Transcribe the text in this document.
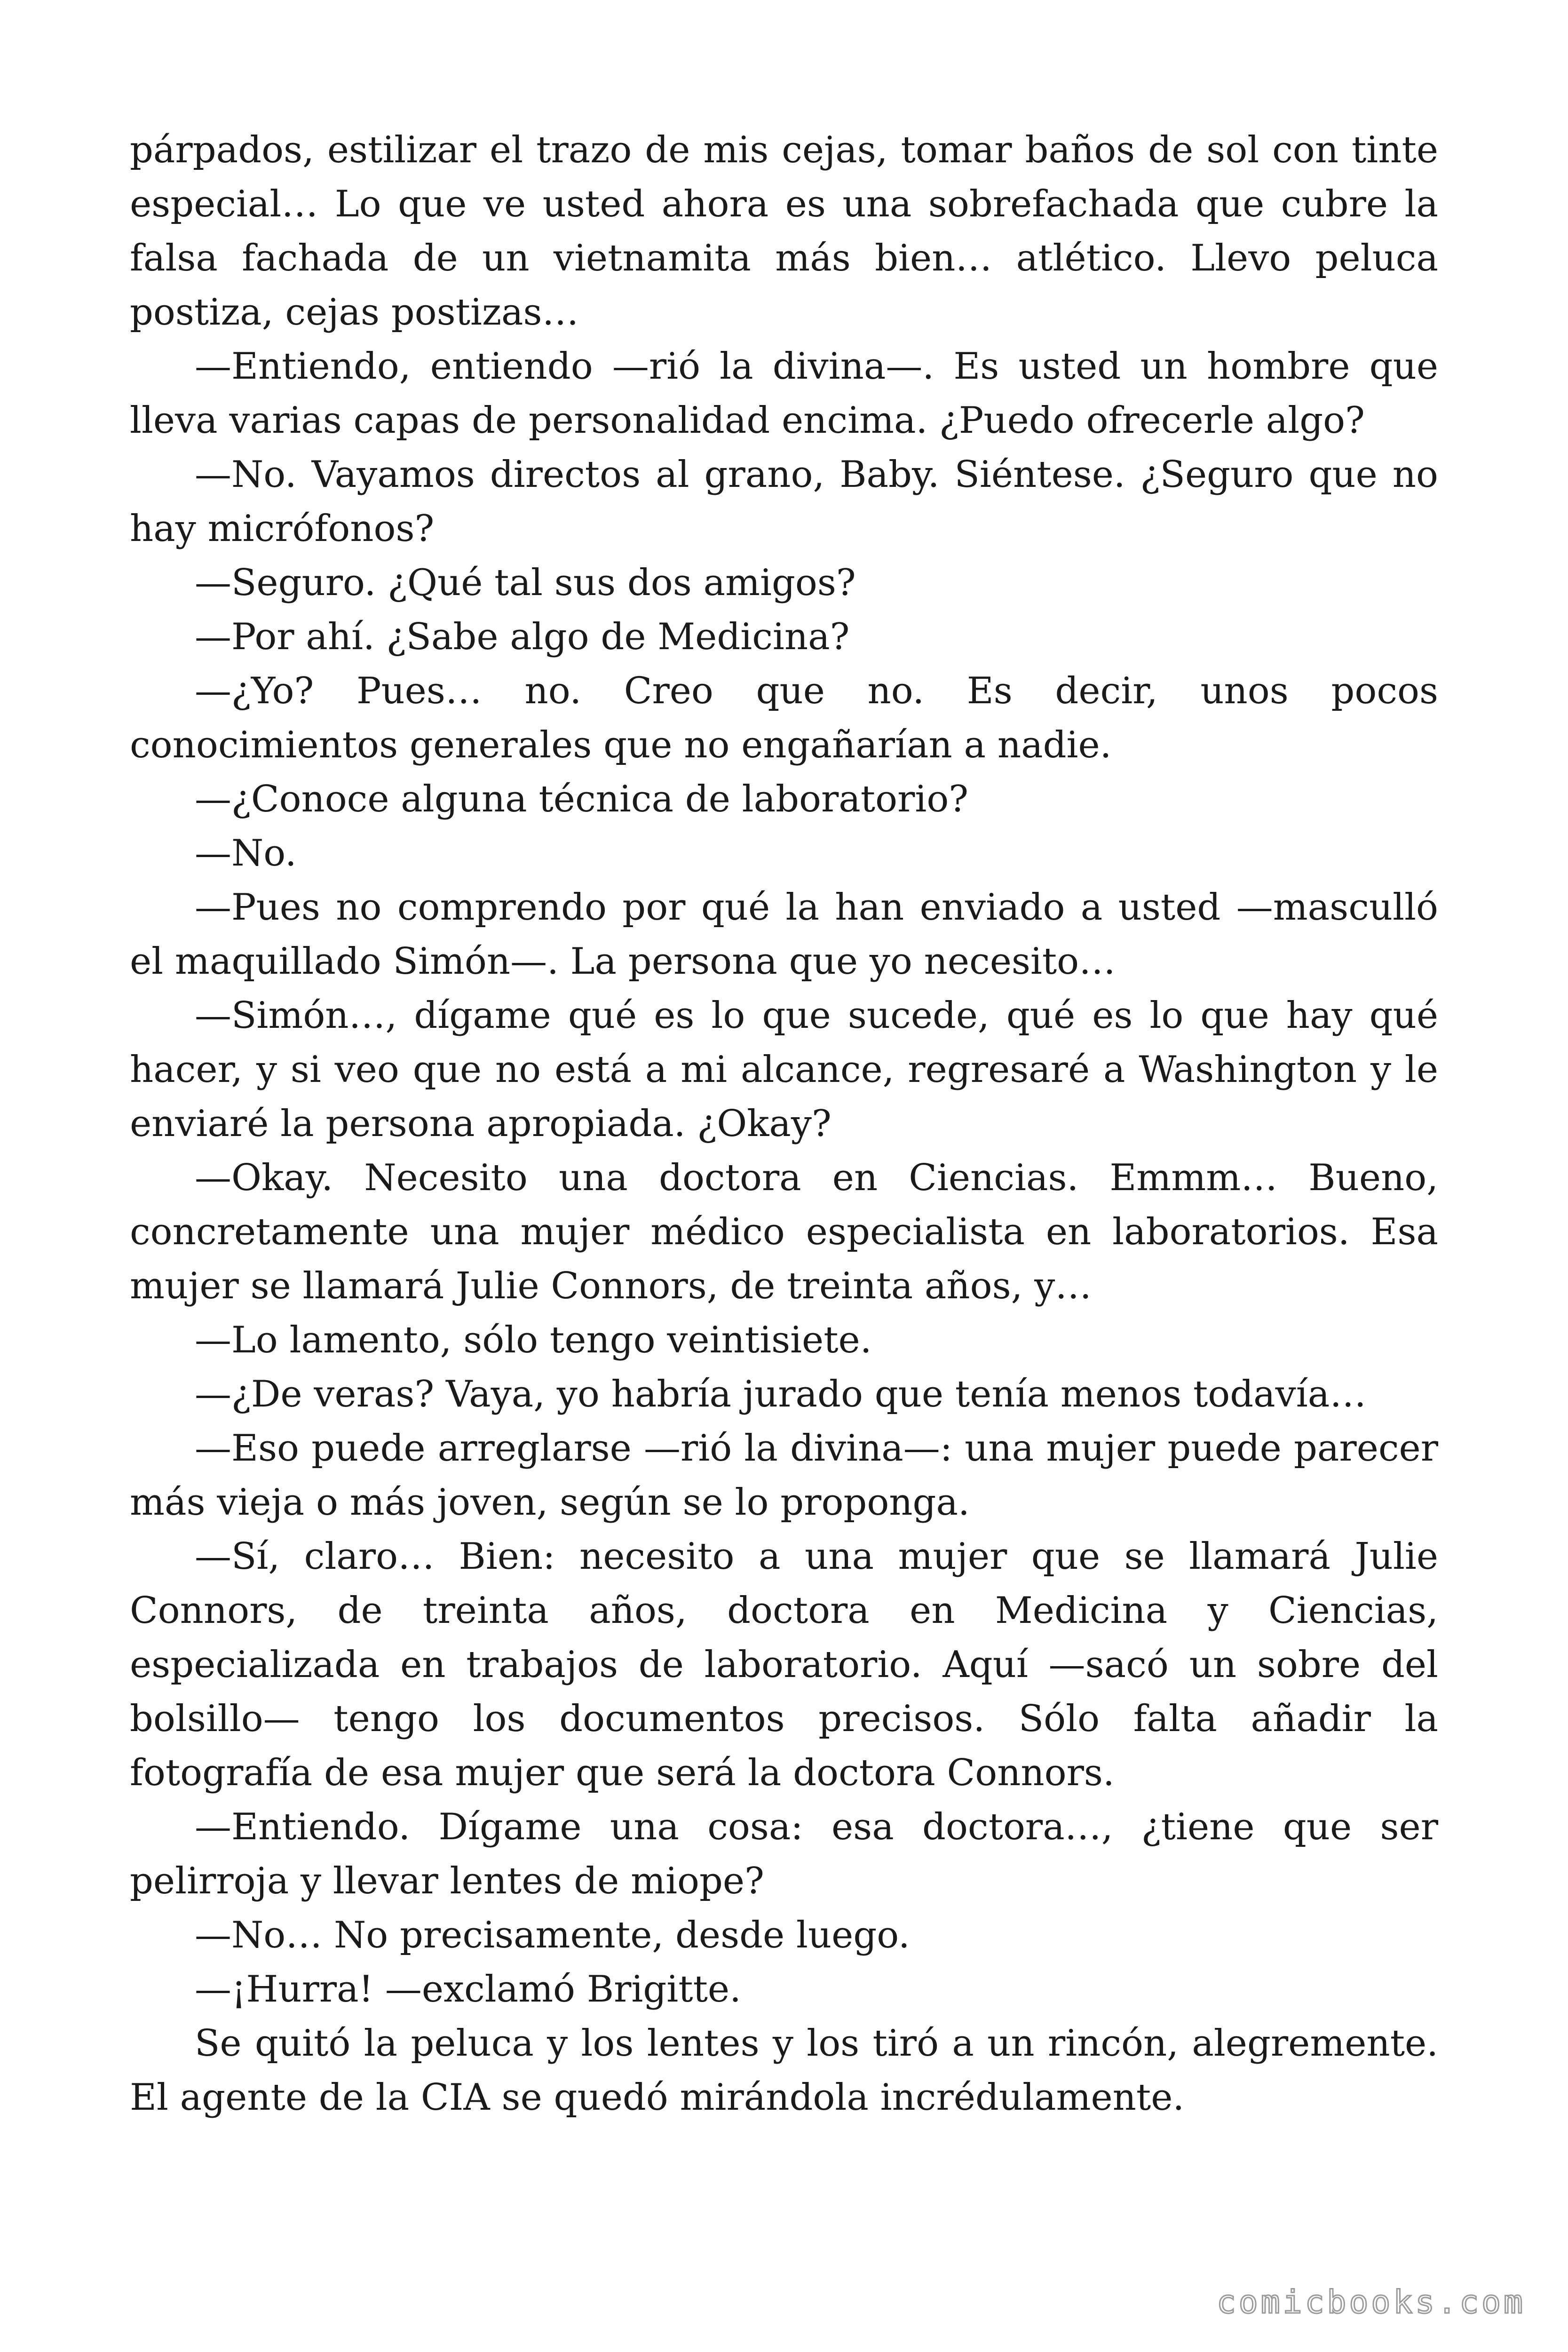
párpados, estilizar el trazo de mis cejas, tomar baños de sol con tinte especial… Lo que ve usted ahora es una sobrefachada que cubre la falsa fachada de un vietnamita más bien… atlético. Llevo peluca postiza, cejas postizas…

—Entiendo, entiendo —rió la divina—. Es usted un hombre que lleva varias capas de personalidad encima. ¿Puedo ofrecerle algo?

—No. Vayamos directos al grano, Baby. Siéntese. ¿Seguro que no hay micrófonos?

—Seguro. ¿Qué tal sus dos amigos?

—Por ahí. ¿Sabe algo de Medicina?

—¿Yo? Pues… no. Creo que no. Es decir, unos pocos conocimientos generales que no engañarían a nadie.

—¿Conoce alguna técnica de laboratorio?

—No.

—Pues no comprendo por qué la han enviado a usted —masculló el maquillado Simón—. La persona que yo necesito…

—Simón…, dígame qué es lo que sucede, qué es lo que hay qué hacer, y si veo que no está a mi alcance, regresaré a Washington y le enviaré la persona apropiada. ¿Okay?

—Okay. Necesito una doctora en Ciencias. Emmm… Bueno, concretamente una mujer médico especialista en laboratorios. Esa mujer se llamará Julie Connors, de treinta años, y…

—Lo lamento, sólo tengo veintisiete.

—¿De veras? Vaya, yo habría jurado que tenía menos todavía…

—Eso puede arreglarse —rió la divina—: una mujer puede parecer más vieja o más joven, según se lo proponga.

—Sí, claro… Bien: necesito a una mujer que se llamará Julie Connors, de treinta años, doctora en Medicina y Ciencias, especializada en trabajos de laboratorio. Aquí —sacó un sobre del bolsillo— tengo los documentos precisos. Sólo falta añadir la fotografía de esa mujer que será la doctora Connors.

—Entiendo. Dígame una cosa: esa doctora…, ¿tiene que ser pelirroja y llevar lentes de miope?

—No… No precisamente, desde luego.

—¡Hurra! —exclamó Brigitte.

Se quitó la peluca y los lentes y los tiró a un rincón, alegremente. El agente de la CIA se quedó mirándola incrédulamente.

comicbooks.com
